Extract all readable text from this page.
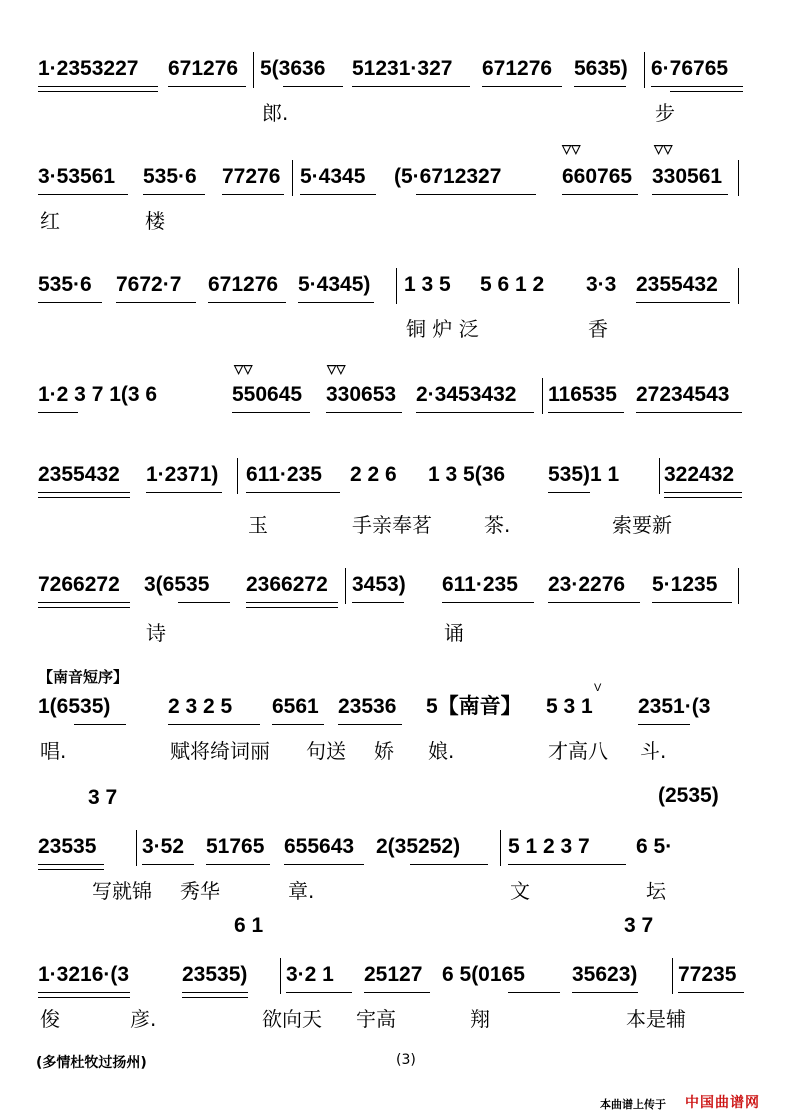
1·2353227

671276

5(3636

51231·327

671276

5635)

6·76765

郎.

	步

▽▽	▽▽

3·53561

535·6

77276

5·4345

(5·6712327

	660765

330561

红

	楼

535·6

7672·7

671276

5·4345)

1 3 5

5 6 1 2

3·3

2355432

铜 炉 泛

	香

▽▽	▽▽

1·2 3 7 1(3 6

	550645

330653

2·3453432

116535

27234543

2355432

1·2371)

611·235

2 2 6

1 3 5(36

535)1 1

322432

玉

	手亲奉茗

	茶.

	索要新

7266272

3(6535

2366272

3453)

611·235

23·2276

5·1235

诗

	诵

【南音短序】
V

1(6535)

	2 3 2 5

6561

23536

5【南音】

5 3 1

2351·(3

唱.

	赋将绮词丽

句送

娇

娘.

	才高八

斗.

3 7	(2535)

23535

3·52

51765

655643

2(35252)

5 1 2 3 7

6 5·

写就锦

秀华

	章.

	文

	坛

6 1	3 7

1·3216·(3

	23535)

3·2 1

25127

6 5(0165

35623)

77235

俊

	彦.

	欲向天

宇高

	翔

	本是辅

(多情杜牧过扬州)	(3)
本曲谱上传于 中国曲谱网
